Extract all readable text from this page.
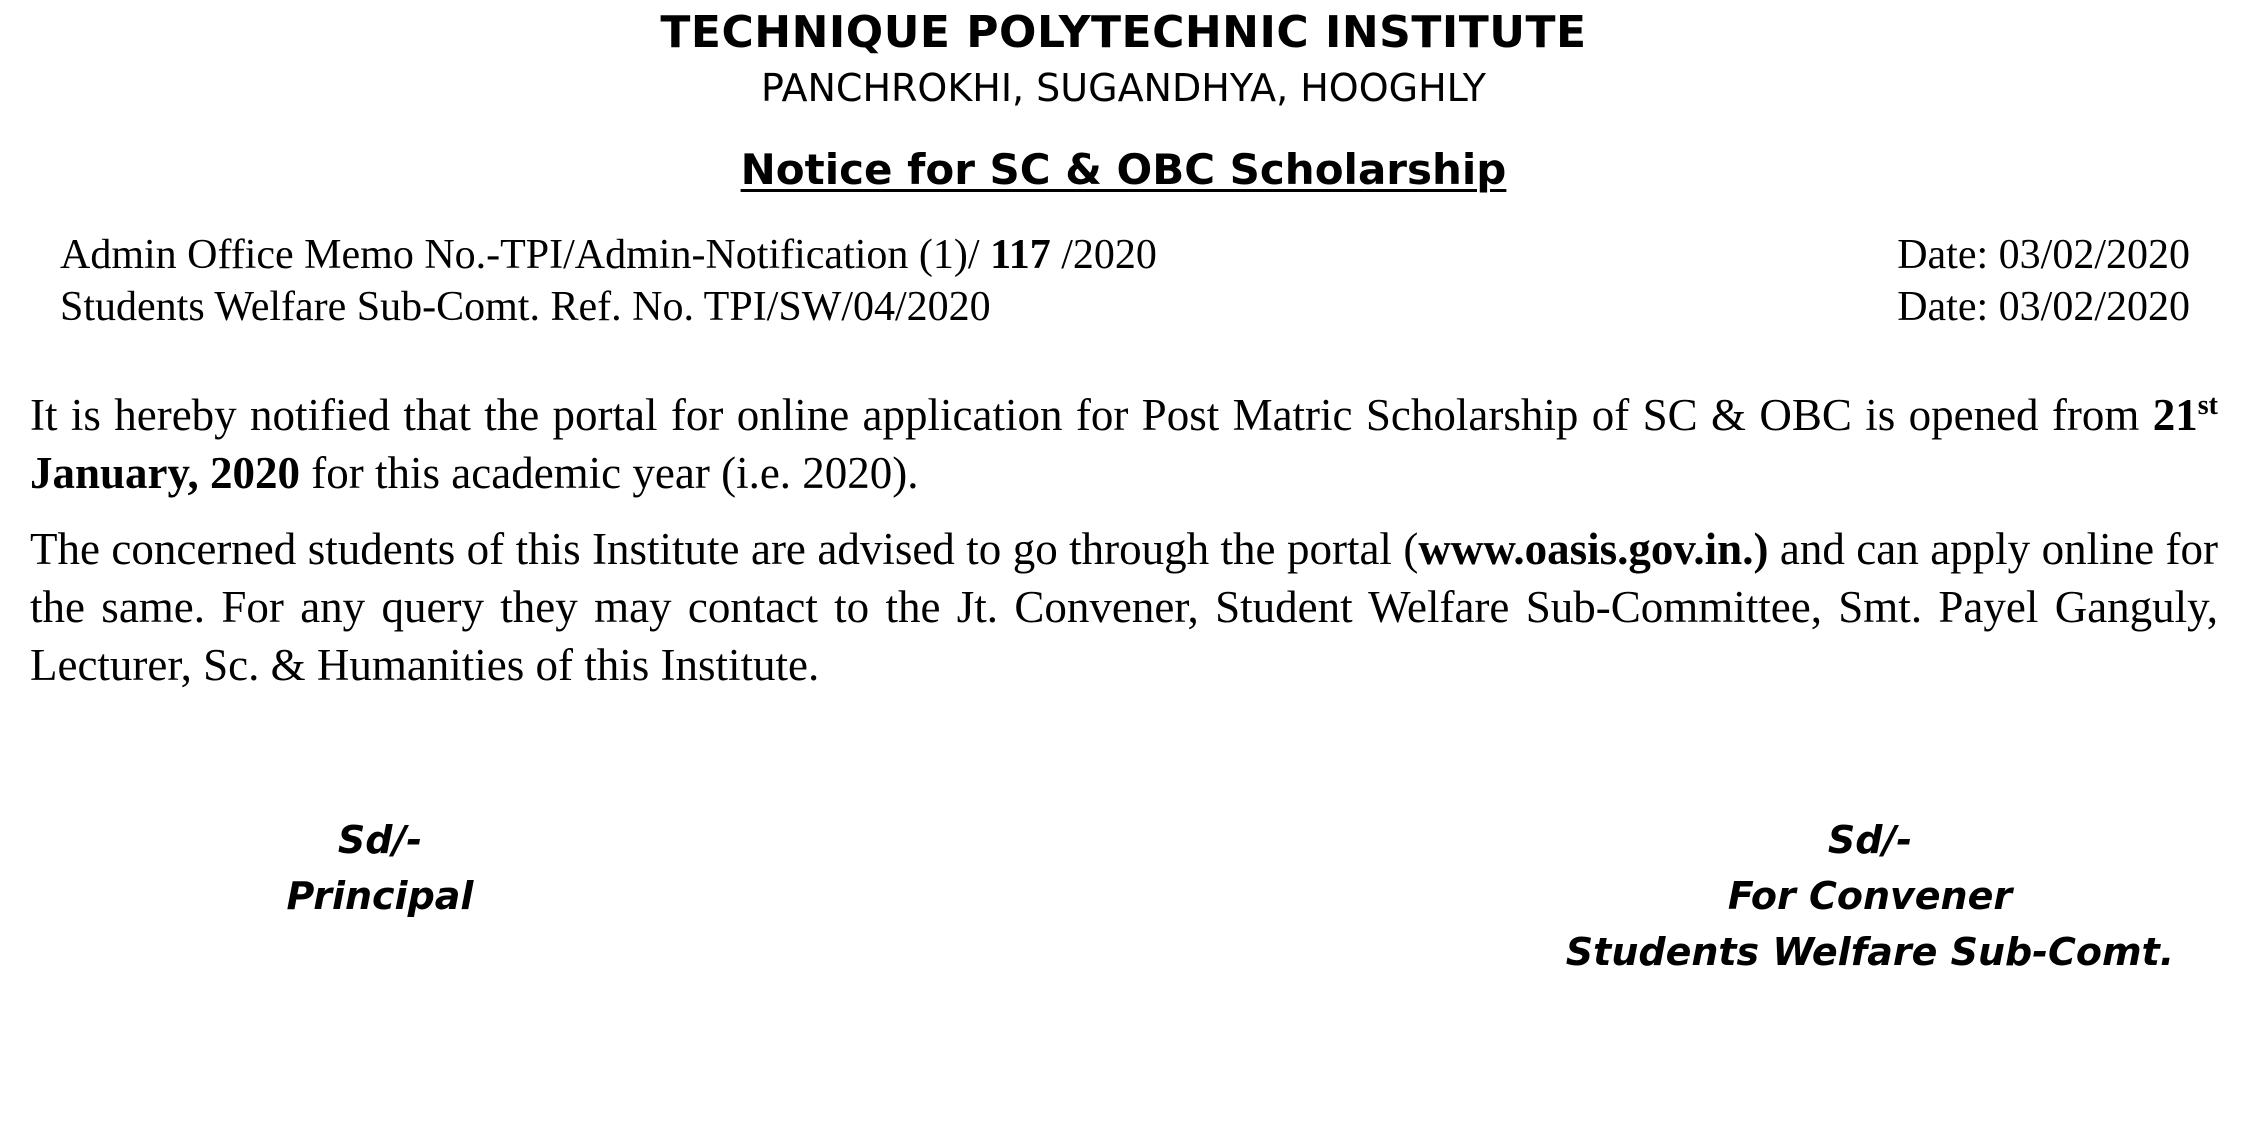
TECHNIQUE POLYTECHNIC INSTITUTE
PANCHROKHI, SUGANDHYA, HOOGHLY
Notice for SC & OBC Scholarship
Admin Office Memo No.-TPI/Admin-Notification (1)/ 117 /2020	Date: 03/02/2020
Students Welfare Sub-Comt. Ref. No. TPI/SW/04/2020	Date: 03/02/2020
It is hereby notified that the portal for online application for Post Matric Scholarship of SC & OBC is opened from 21st January, 2020 for this academic year (i.e. 2020).
The concerned students of this Institute are advised to go through the portal (www.oasis.gov.in.) and can apply online for the same. For any query they may contact to the Jt. Convener, Student Welfare Sub-Committee, Smt. Payel Ganguly, Lecturer, Sc. & Humanities of this Institute.
Sd/-
Principal
Sd/-
For Convener
Students Welfare Sub-Comt.
